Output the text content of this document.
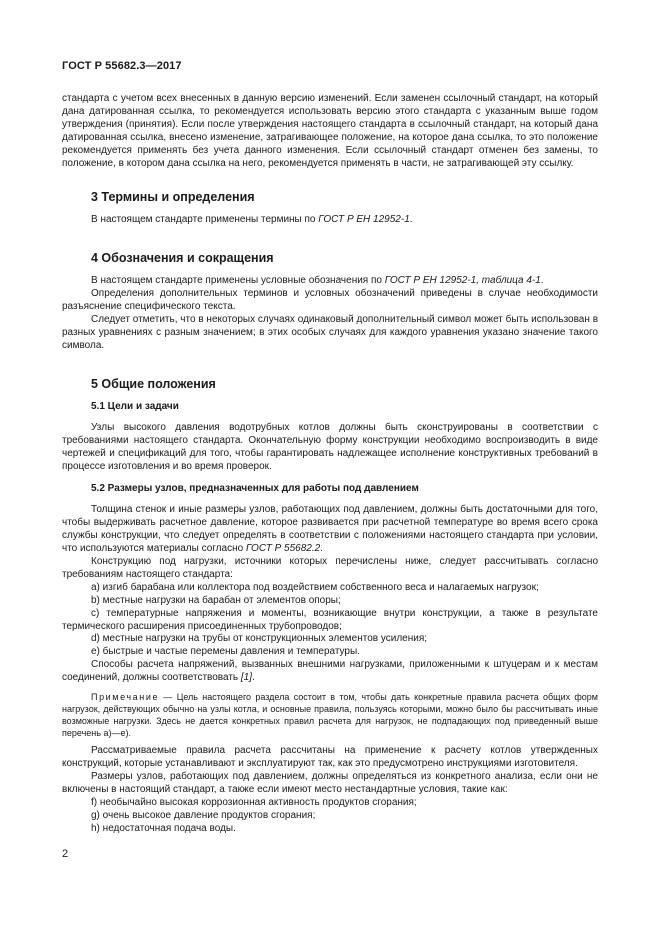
ГОСТ Р 55682.3—2017

стандарта с учетом всех внесенных в данную версию изменений. Если заменен ссылочный стандарт, на который дана датированная ссылка, то рекомендуется использовать версию этого стандарта с указанным выше годом утверждения (принятия). Если после утверждения настоящего стандарта в ссылочный стандарт, на который дана датированная ссылка, внесено изменение, затрагивающее положение, на которое дана ссылка, то это положение рекомендуется применять без учета данного изменения. Если ссылочный стандарт отменен без замены, то положение, в котором дана ссылка на него, рекомендуется применять в части, не затрагивающей эту ссылку.

3 Термины и определения

В настоящем стандарте применены термины по ГОСТ Р ЕН 12952-1.

4 Обозначения и сокращения

В настоящем стандарте применены условные обозначения по ГОСТ Р ЕН 12952-1, таблица 4-1.

Определения дополнительных терминов и условных обозначений приведены в случае необходимости разъяснение специфического текста.

Следует отметить, что в некоторых случаях одинаковый дополнительный символ может быть использован в разных уравнениях с разным значением; в этих особых случаях для каждого уравнения указано значение такого символа.

5 Общие положения

5.1 Цели и задачи

Узлы высокого давления водотрубных котлов должны быть сконструированы в соответствии с требованиями настоящего стандарта. Окончательную форму конструкции необходимо воспроизводить в виде чертежей и спецификаций для того, чтобы гарантировать надлежащее исполнение конструктивных требований в процессе изготовления и во время проверок.

5.2 Размеры узлов, предназначенных для работы под давлением

Толщина стенок и иные размеры узлов, работающих под давлением, должны быть достаточными для того, чтобы выдерживать расчетное давление, которое развивается при расчетной температуре во время всего срока службы конструкции, что следует определять в соответствии с положениями настоящего стандарта при условии, что используются материалы согласно ГОСТ Р 55682.2.

Конструкцию под нагрузки, источники которых перечислены ниже, следует рассчитывать согласно требованиям настоящего стандарта:

a) изгиб барабана или коллектора под воздействием собственного веса и налагаемых нагрузок;

b) местные нагрузки на барабан от элементов опоры;

c) температурные напряжения и моменты, возникающие внутри конструкции, а также в результате термического расширения присоединенных трубопроводов;

d) местные нагрузки на трубы от конструкционных элементов усиления;

e) быстрые и частые перемены давления и температуры.

Способы расчета напряжений, вызванных внешними нагрузками, приложенными к штуцерам и к местам соединений, должны соответствовать [1].

Примечание — Цель настоящего раздела состоит в том, чтобы дать конкретные правила расчета общих форм нагрузок, действующих обычно на узлы котла, и основные правила, пользуясь которыми, можно было бы рассчитывать иные возможные нагрузки. Здесь не дается конкретных правил расчета для нагрузок, не подпадающих под приведенный выше перечень а)—е).

Рассматриваемые правила расчета рассчитаны на применение к расчету котлов утвержденных конструкций, которые устанавливают и эксплуатируют так, как это предусмотрено инструкциями изготовителя.

Размеры узлов, работающих под давлением, должны определяться из конкретного анализа, если они не включены в настоящий стандарт, а также если имеют место нестандартные условия, такие как:

f) необычайно высокая коррозионная активность продуктов сгорания;

g) очень высокое давление продуктов сгорания;

h) недостаточная подача воды.

2
